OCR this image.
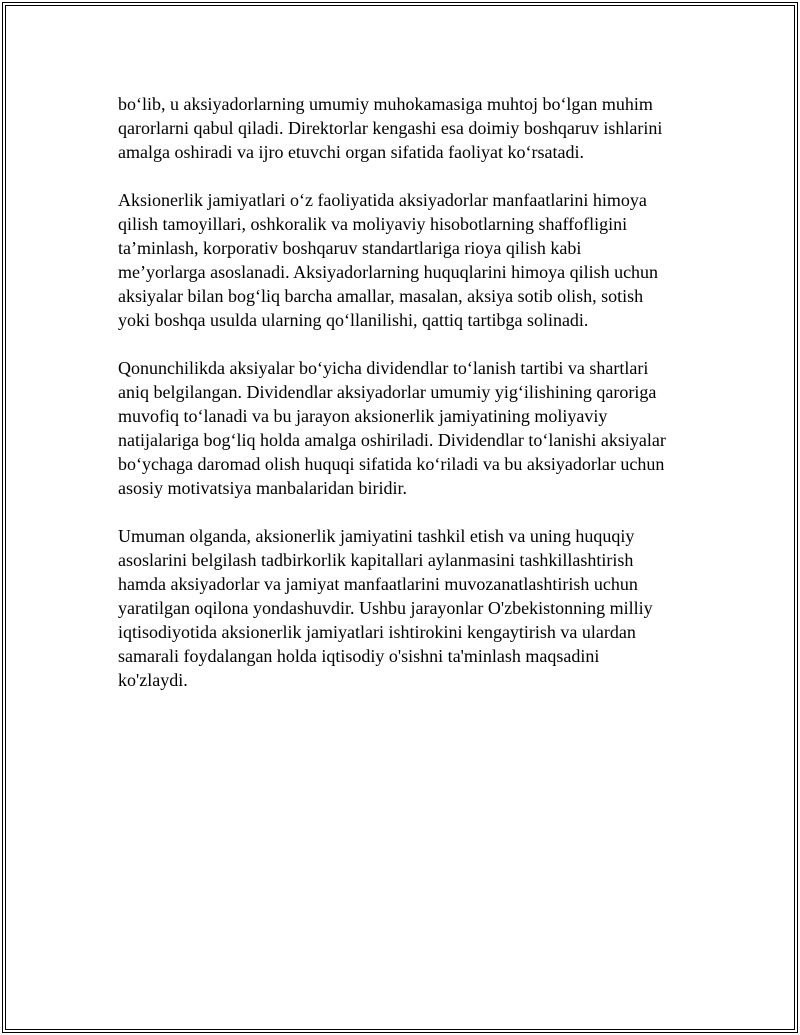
bo‘lib, u aksiyadorlarning umumiy muhokamasiga muhtoj bo‘lgan muhim
qarorlarni qabul qiladi. Direktorlar kengashi esa doimiy boshqaruv ishlarini
amalga oshiradi va ijro etuvchi organ sifatida faoliyat ko‘rsatadi.

Aksionerlik jamiyatlari o‘z faoliyatida aksiyadorlar manfaatlarini himoya
qilish tamoyillari, oshkoralik va moliyaviy hisobotlarning shaffofligini
ta’minlash, korporativ boshqaruv standartlariga rioya qilish kabi
me’yorlarga asoslanadi. Aksiyadorlarning huquqlarini himoya qilish uchun
aksiyalar bilan bog‘liq barcha amallar, masalan, aksiya sotib olish, sotish
yoki boshqa usulda ularning qo‘llanilishi, qattiq tartibga solinadi.

Qonunchilikda aksiyalar bo‘yicha dividendlar to‘lanish tartibi va shartlari
aniq belgilangan. Dividendlar aksiyadorlar umumiy yig‘ilishining qaroriga
muvofiq to‘lanadi va bu jarayon aksionerlik jamiyatining moliyaviy
natijalariga bog‘liq holda amalga oshiriladi. Dividendlar to‘lanishi aksiyalar
bo‘ychaga daromad olish huquqi sifatida ko‘riladi va bu aksiyadorlar uchun
asosiy motivatsiya manbalaridan biridir.

Umuman olganda, aksionerlik jamiyatini tashkil etish va uning huquqiy
asoslarini belgilash tadbirkorlik kapitallari aylanmasini tashkillashtirish
hamda aksiyadorlar va jamiyat manfaatlarini muvozanatlashtirish uchun
yaratilgan oqilona yondashuvdir. Ushbu jarayonlar O'zbekistonning milliy
iqtisodiyotida aksionerlik jamiyatlari ishtirokini kengaytirish va ulardan
samarali foydalangan holda iqtisodiy o'sishni ta'minlash maqsadini
ko'zlaydi.
